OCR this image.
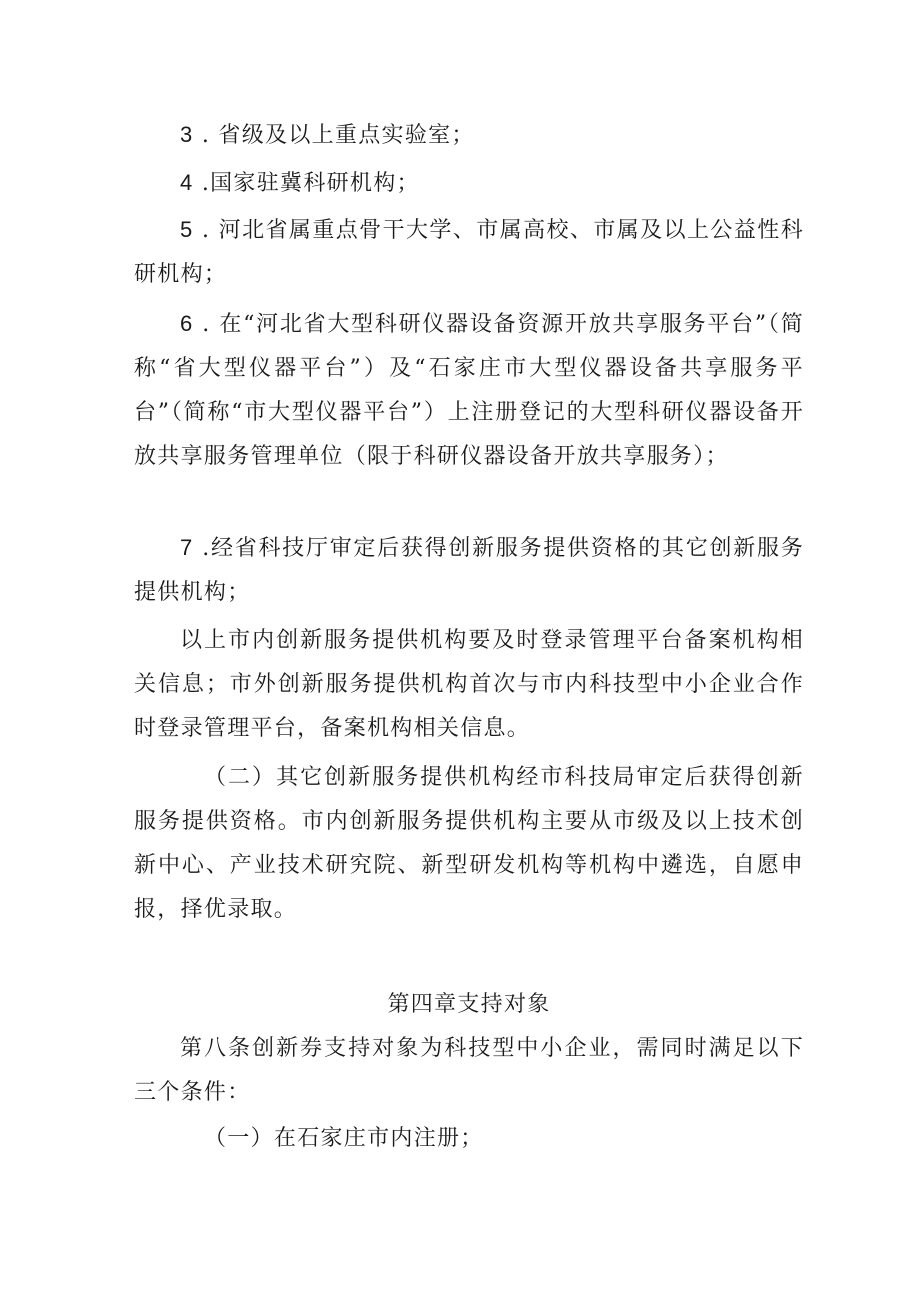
3 . 省级及以上重点实验室；

4 .国家驻冀科研机构；

5 . 河北省属重点骨干大学、市属高校、市属及以上公益性科研机构；

6 . 在“河北省大型科研仪器设备资源开放共享服务平台”（简称“省大型仪器平台”）及“石家庄市大型仪器设备共享服务平台”（简称“市大型仪器平台”）上注册登记的大型科研仪器设备开放共享服务管理单位（限于科研仪器设备开放共享服务）；

7 .经省科技厅审定后获得创新服务提供资格的其它创新服务提供机构；

以上市内创新服务提供机构要及时登录管理平台备案机构相关信息；市外创新服务提供机构首次与市内科技型中小企业合作时登录管理平台，备案机构相关信息。

（二）其它创新服务提供机构经市科技局审定后获得创新服务提供资格。市内创新服务提供机构主要从市级及以上技术创新中心、产业技术研究院、新型研发机构等机构中遴选，自愿申报，择优录取。

第四章支持对象

第八条创新券支持对象为科技型中小企业，需同时满足以下三个条件：

（一）在石家庄市内注册；
